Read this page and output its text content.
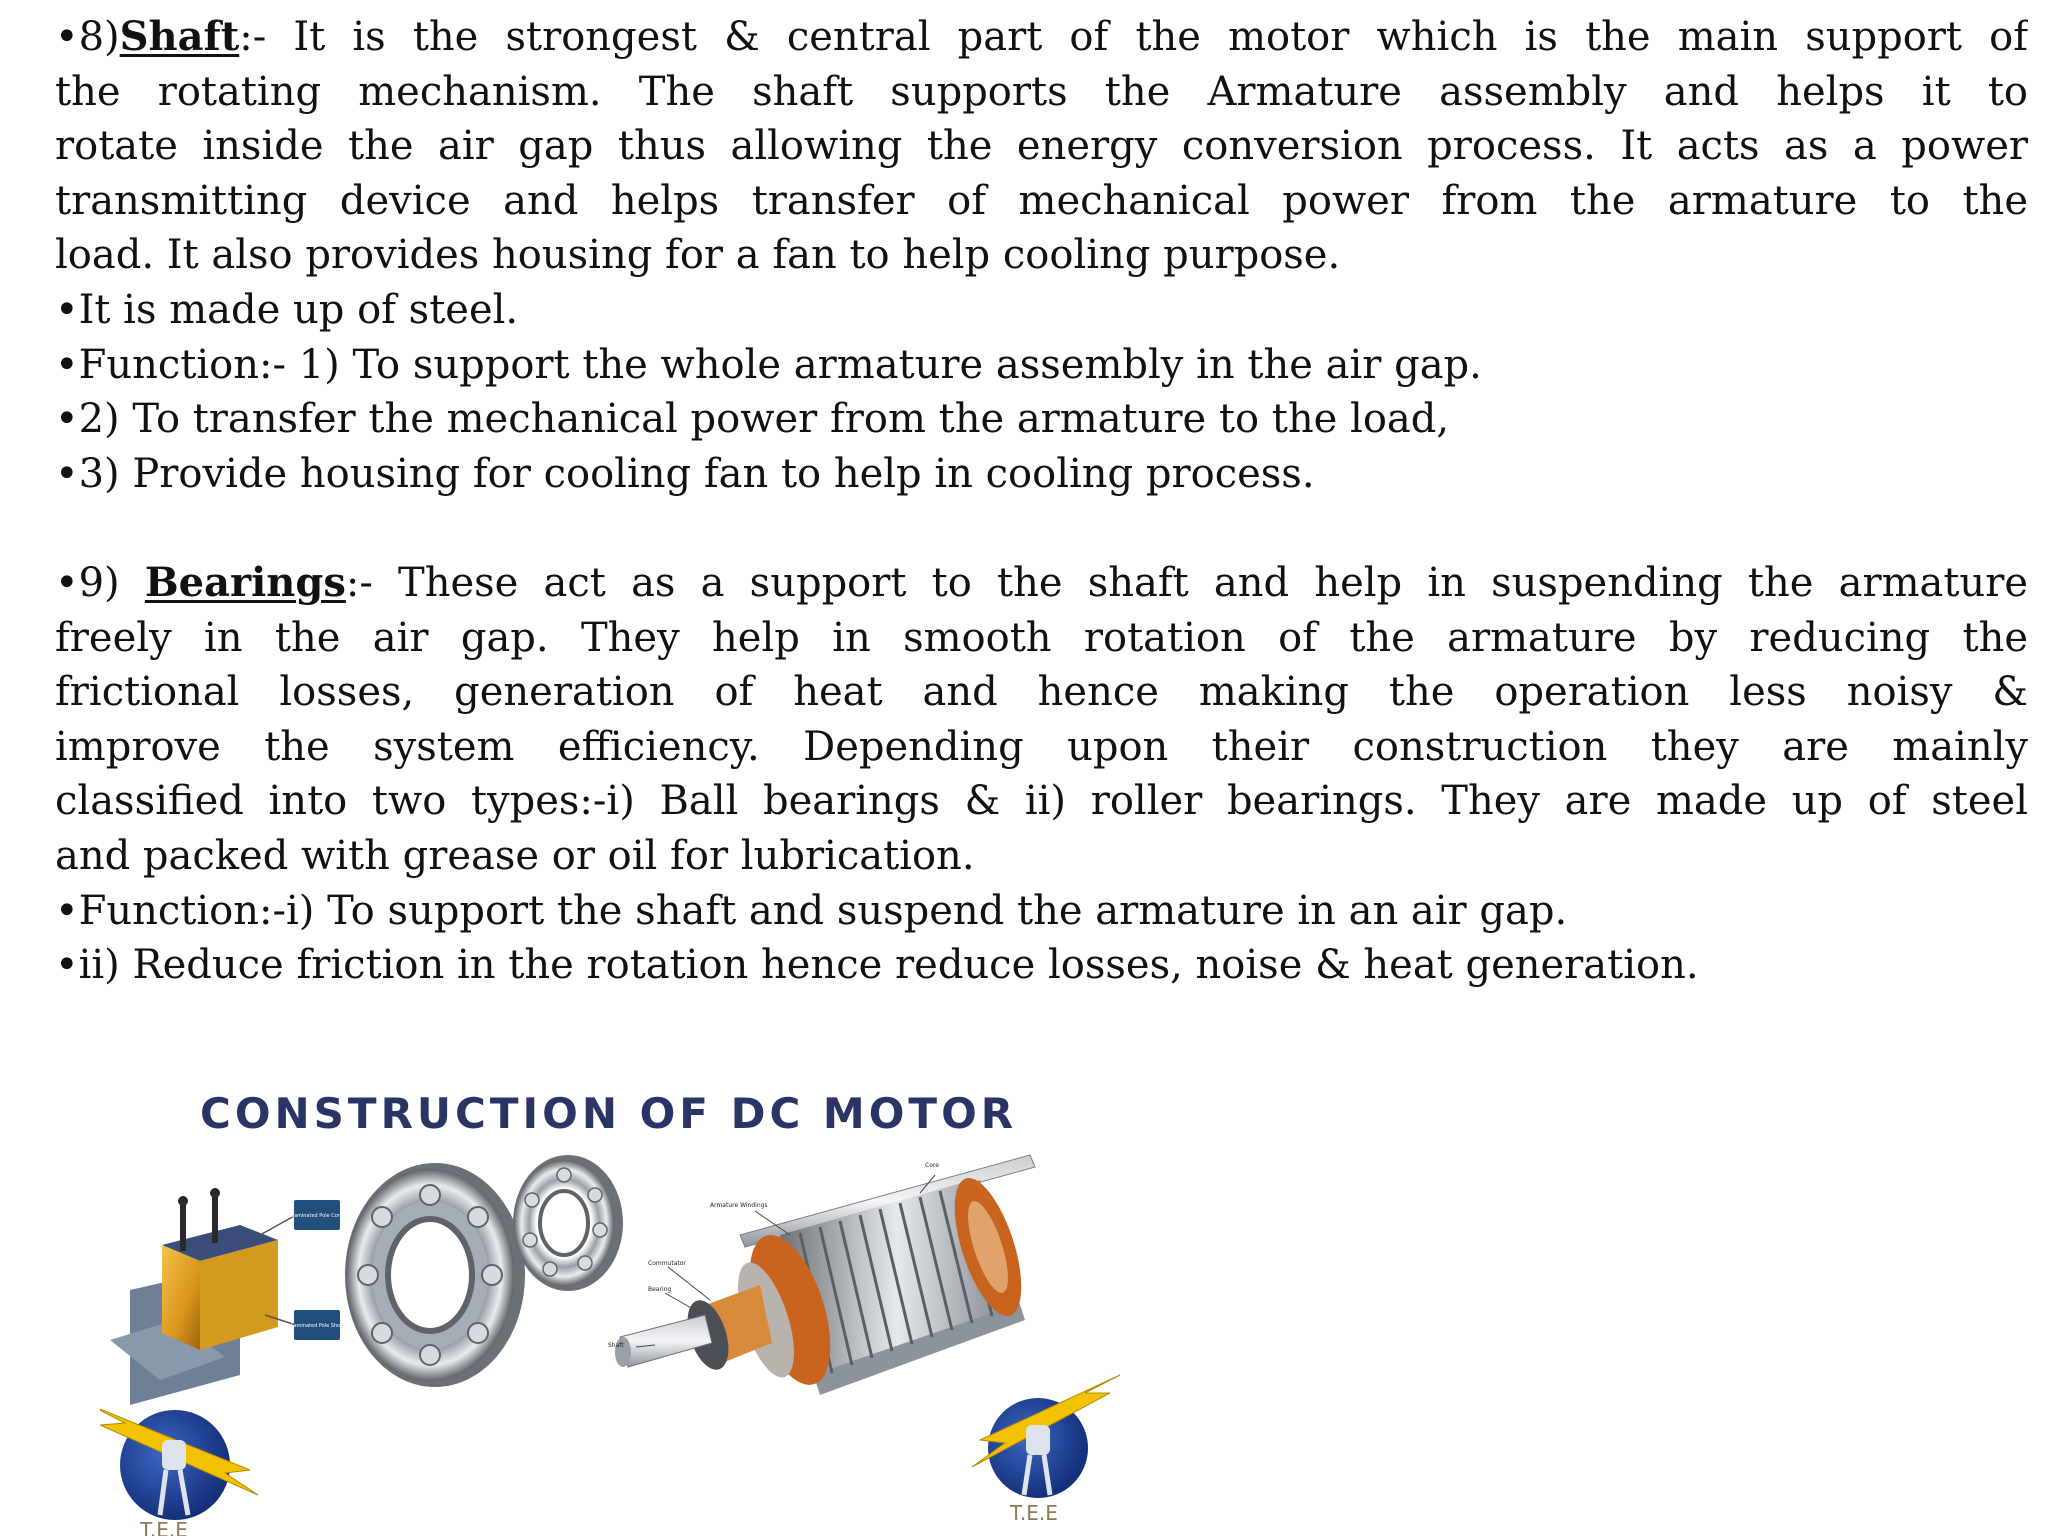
•8)Shaft:- It is the strongest & central part of the motor which is the main support of
the rotating mechanism. The shaft supports the Armature assembly and helps it to
rotate inside the air gap thus allowing the energy conversion process. It acts as a power
transmitting device and helps transfer of mechanical power from the armature to the
load. It also provides housing for a fan to help cooling purpose.
•It is made up of steel.
•Function:- 1) To support the whole armature assembly in the air gap.
•2) To transfer the mechanical power from the armature to the load,
•3) Provide housing for cooling fan to help in cooling process.
•9) Bearings:- These act as a support to the shaft and help in suspending the armature
freely in the air gap. They help in smooth rotation of the armature by reducing the
frictional losses, generation of heat and hence making the operation less noisy &
improve the system efficiency. Depending upon their construction they are mainly
classified into two types:-i) Ball bearings & ii) roller bearings. They are made up of steel
and packed with grease or oil for lubrication.
•Function:-i) To support the shaft and suspend the armature in an air gap.
•ii) Reduce friction in the rotation hence reduce losses, noise & heat generation.
CONSTRUCTION OF DC MOTOR
Laminated Pole Core
Laminated Pole Shoe
Core
Armature Windings
Commutator
Bearing
Shaft
T.E.E
T.E.E
